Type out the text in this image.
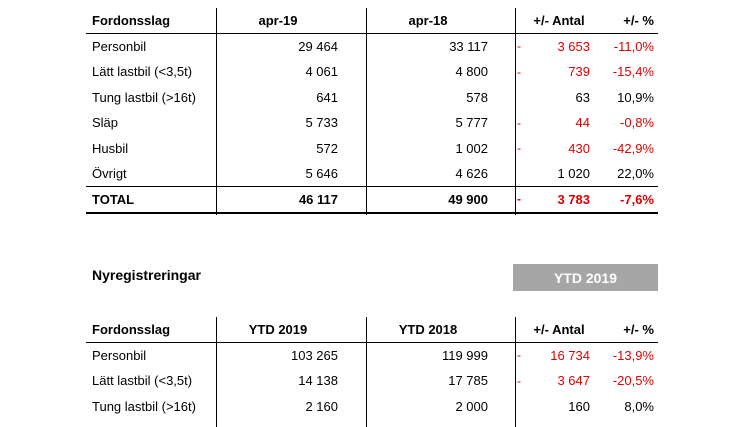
Fordonsslag	apr-19	apr-18	+/- Antal	+/- %
Personbil	29 464	33 117 -	3 653	-11,0%
Lätt lastbil (<3,5t)	4 061	4 800 -	739	-15,4%
Tung lastbil (>16t)	641	578	63	10,9%
Släp	5 733	5 777 -	44	-0,8%
Husbil	572	1 002 -	430	-42,9%
Övrigt	5 646	4 626	1 020	22,0%
TOTAL	46 117	49 900 -	3 783	-7,6%
Nyregistreringar	YTD 2019
Fordonsslag	YTD 2019	YTD 2018	+/- Antal	+/- %
Personbil	103 265	119 999 -	16 734	-13,9%
Lätt lastbil (<3,5t)	14 138	17 785 -	3 647	-20,5%
Tung lastbil (>16t)	2 160	2 000	160	8,0%
